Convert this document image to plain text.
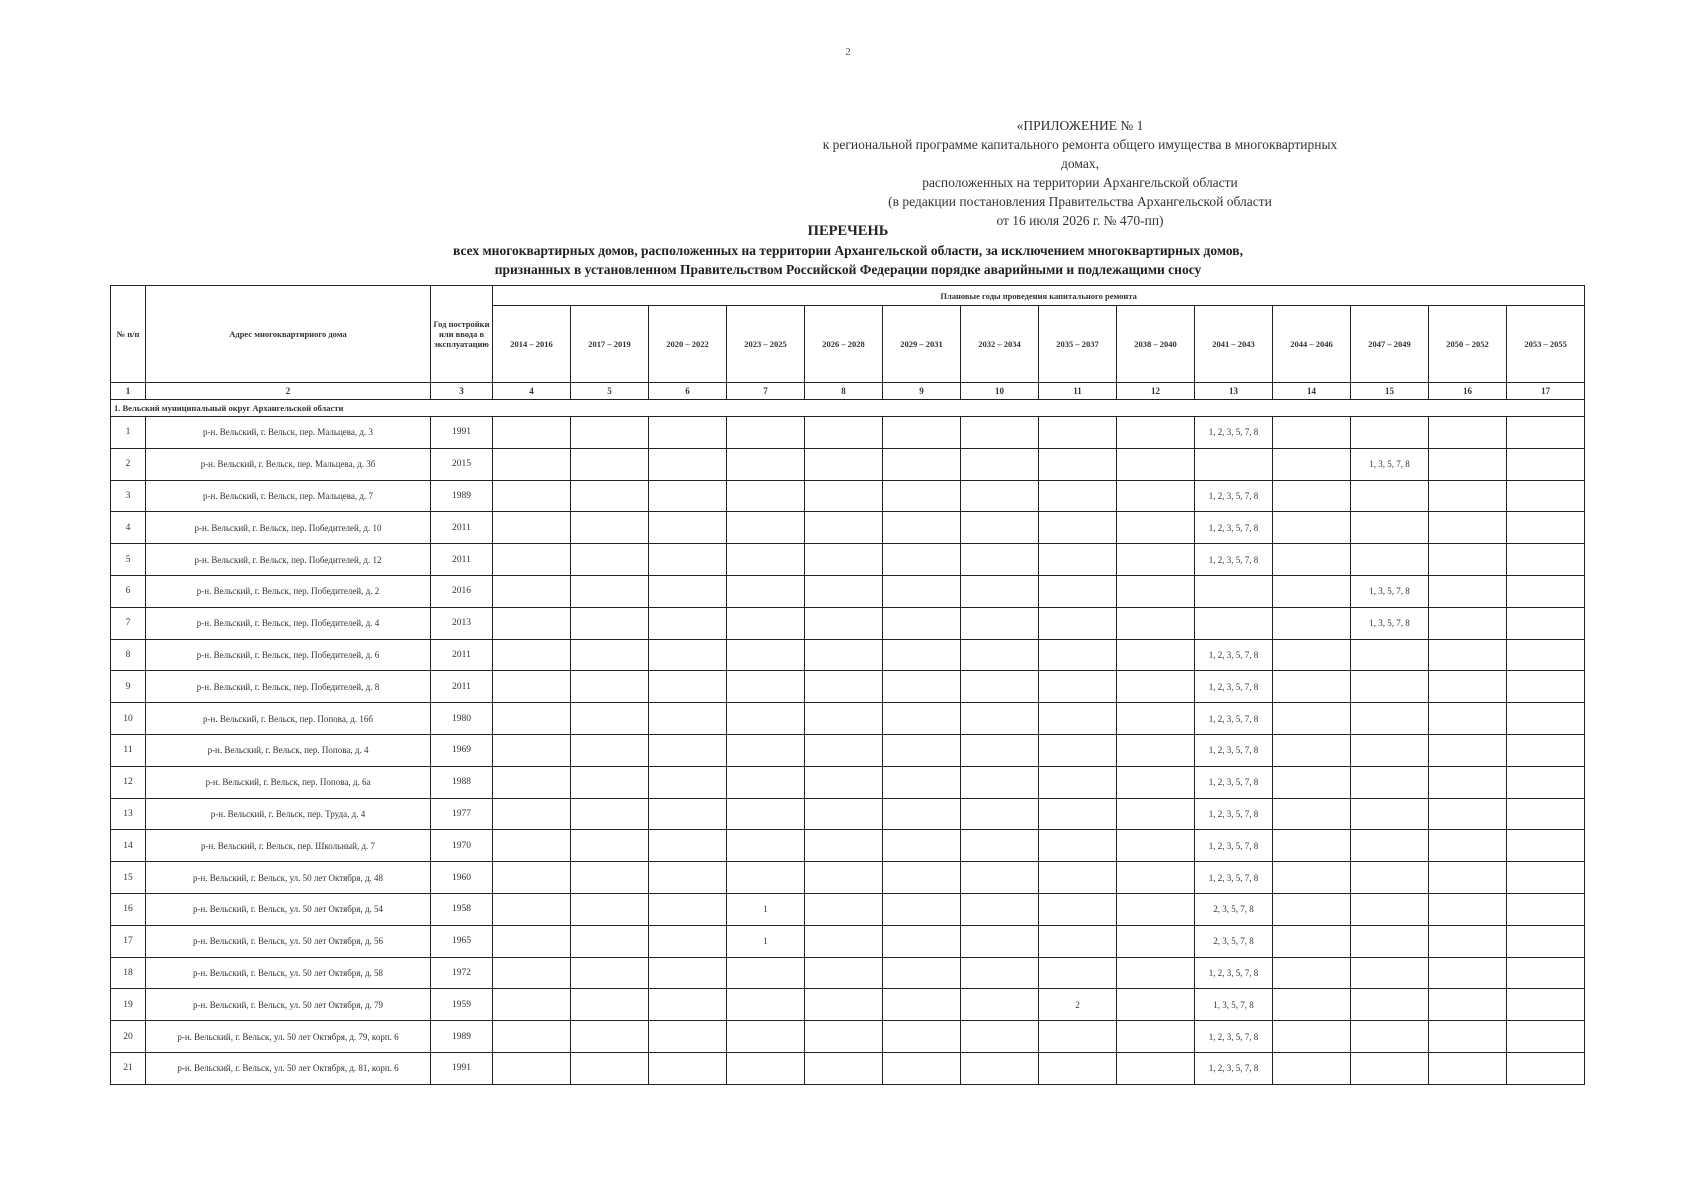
2
«ПРИЛОЖЕНИЕ № 1
к региональной программе капитального ремонта общего имущества в многоквартирных домах,
расположенных на территории Архангельской области
(в редакции постановления Правительства Архангельской области
от 16 июля 2026 г. № 470-пп)
ПЕРЕЧЕНЬ
всех многоквартирных домов, расположенных на территории Архангельской области, за исключением многоквартирных домов,
признанных в установленном Правительством Российской Федерации порядке аварийными и подлежащими сносу
№ п/п	Адрес многоквартирного дома	Год постройки или ввода в эксплуатацию	Плановые годы проведения капитального ремонта													
			2014 – 2016	2017 – 2019	2020 – 2022	2023 – 2025	2026 – 2028	2029 – 2031	2032 – 2034	2035 – 2037	2038 – 2040	2041 – 2043	2044 – 2046	2047 – 2049	2050 – 2052	2053 – 2055
1	2	3	4	5	6	7	8	9	10	11	12	13	14	15	16	17
1. Вельский муниципальный округ Архангельской области																
1	р-н. Вельский, г. Вельск, пер. Мальцева, д. 3	1991										1, 2, 3, 5, 7, 8				
2	р-н. Вельский, г. Вельск, пер. Мальцева, д. 3б	2015												1, 3, 5, 7, 8		
3	р-н. Вельский, г. Вельск, пер. Мальцева, д. 7	1989										1, 2, 3, 5, 7, 8				
4	р-н. Вельский, г. Вельск, пер. Победителей, д. 10	2011										1, 2, 3, 5, 7, 8				
5	р-н. Вельский, г. Вельск, пер. Победителей, д. 12	2011										1, 2, 3, 5, 7, 8				
6	р-н. Вельский, г. Вельск, пер. Победителей, д. 2	2016												1, 3, 5, 7, 8		
7	р-н. Вельский, г. Вельск, пер. Победителей, д. 4	2013												1, 3, 5, 7, 8		
8	р-н. Вельский, г. Вельск, пер. Победителей, д. 6	2011										1, 2, 3, 5, 7, 8				
9	р-н. Вельский, г. Вельск, пер. Победителей, д. 8	2011										1, 2, 3, 5, 7, 8				
10	р-н. Вельский, г. Вельск, пер. Попова, д. 16б	1980										1, 2, 3, 5, 7, 8				
11	р-н. Вельский, г. Вельск, пер. Попова, д. 4	1969										1, 2, 3, 5, 7, 8				
12	р-н. Вельский, г. Вельск, пер. Попова, д. 6а	1988										1, 2, 3, 5, 7, 8				
13	р-н. Вельский, г. Вельск, пер. Труда, д. 4	1977										1, 2, 3, 5, 7, 8				
14	р-н. Вельский, г. Вельск, пер. Школьный, д. 7	1970										1, 2, 3, 5, 7, 8				
15	р-н. Вельский, г. Вельск, ул. 50 лет Октября, д. 48	1960										1, 2, 3, 5, 7, 8				
16	р-н. Вельский, г. Вельск, ул. 50 лет Октября, д. 54	1958				1						2, 3, 5, 7, 8				
17	р-н. Вельский, г. Вельск, ул. 50 лет Октября, д. 56	1965				1						2, 3, 5, 7, 8				
18	р-н. Вельский, г. Вельск, ул. 50 лет Октября, д. 58	1972										1, 2, 3, 5, 7, 8				
19	р-н. Вельский, г. Вельск, ул. 50 лет Октября, д. 79	1959								2		1, 3, 5, 7, 8				
20	р-н. Вельский, г. Вельск, ул. 50 лет Октября, д. 79, корп. 6	1989										1, 2, 3, 5, 7, 8				
21	р-н. Вельский, г. Вельск, ул. 50 лет Октября, д. 81, корп. 6	1991										1, 2, 3, 5, 7, 8				
